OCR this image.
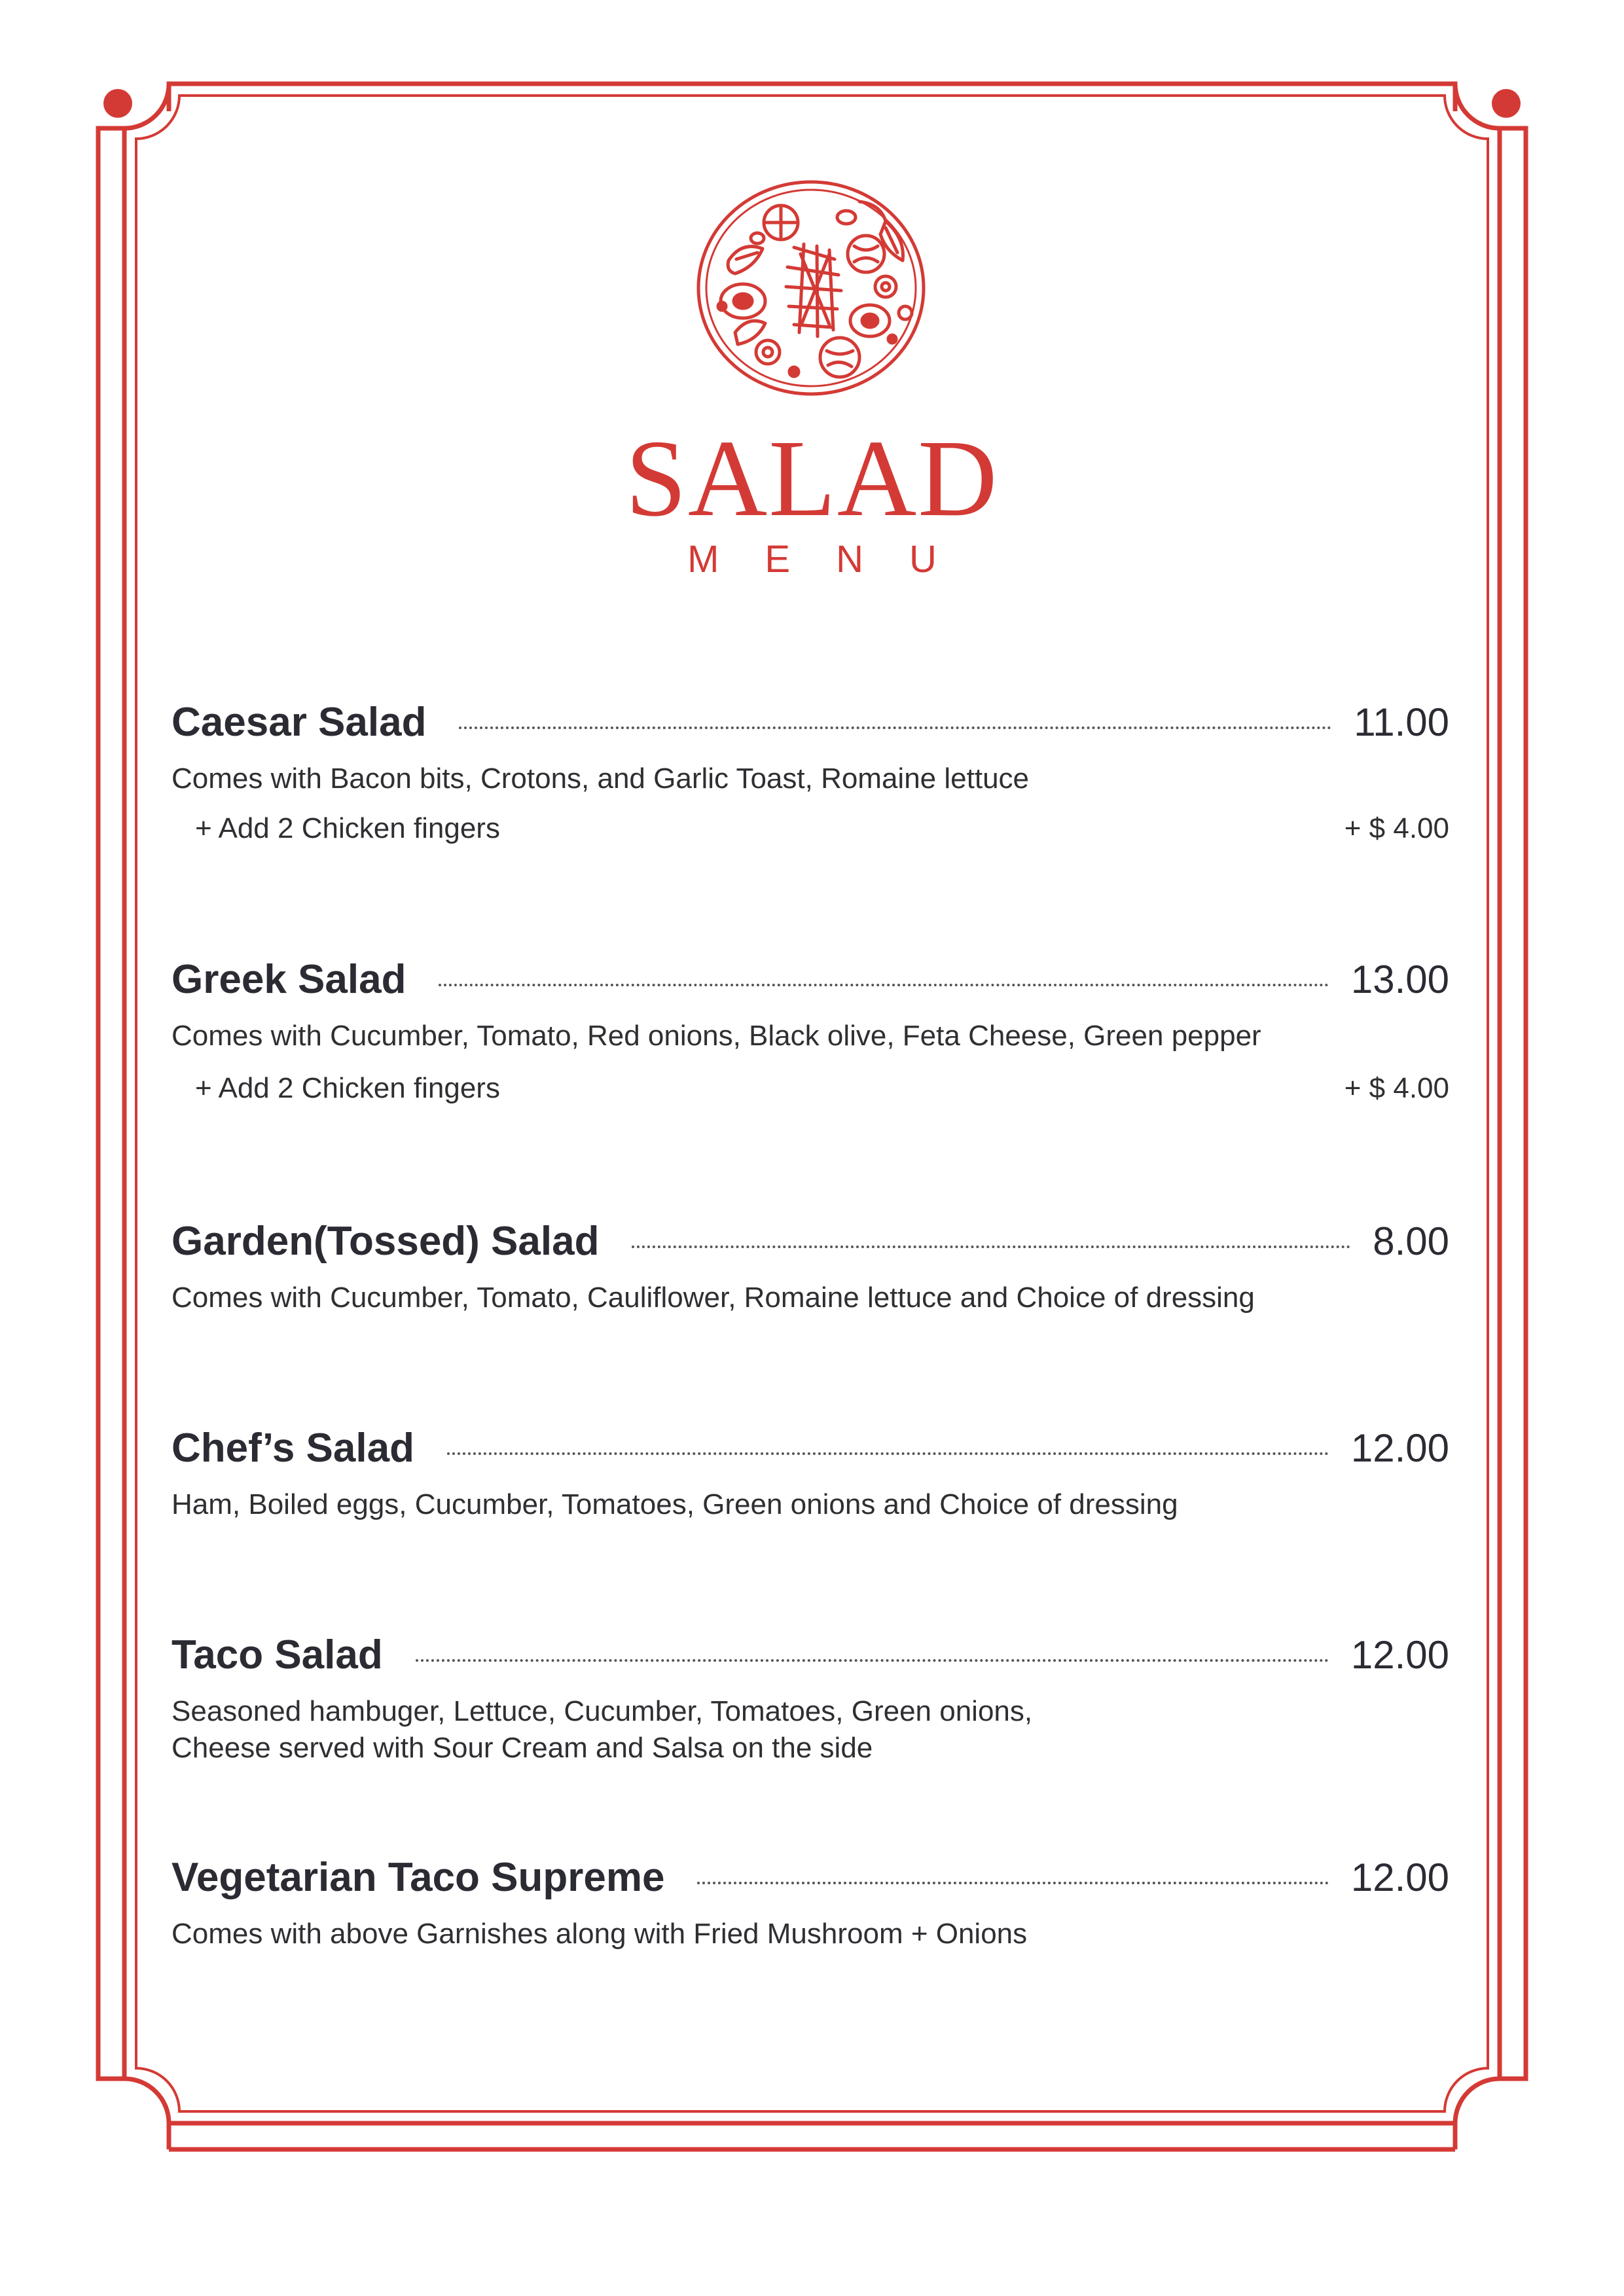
SALAD
MENU
Caesar Salad	11.00
Comes with Bacon bits, Crotons, and Garlic Toast, Romaine lettuce
+ Add 2 Chicken fingers	+ $ 4.00
Greek Salad	13.00
Comes with Cucumber, Tomato, Red onions, Black olive, Feta Cheese, Green pepper
+ Add 2 Chicken fingers	+ $ 4.00
Garden(Tossed) Salad	8.00
Comes with Cucumber, Tomato, Cauliflower, Romaine lettuce and Choice of dressing
Chef’s Salad	12.00
Ham, Boiled eggs, Cucumber, Tomatoes, Green onions and Choice of dressing
Taco Salad	12.00
Seasoned hambuger, Lettuce, Cucumber, Tomatoes, Green onions,
Cheese served with Sour Cream and Salsa on the side
Vegetarian Taco Supreme	12.00
Comes with above Garnishes along with Fried Mushroom + Onions
